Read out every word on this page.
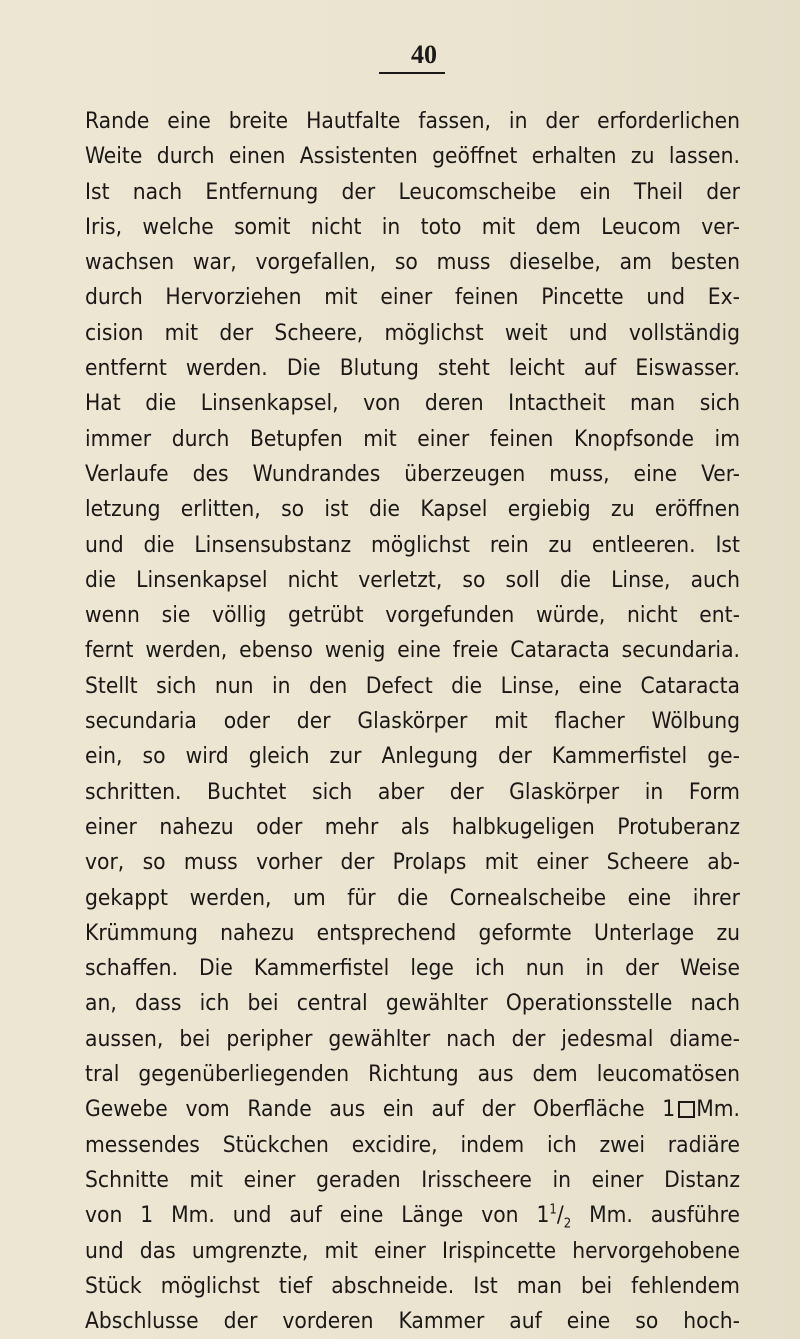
40
Rande eine breite Hautfalte fassen, in der erforderlichen
Weite durch einen Assistenten geöffnet erhalten zu lassen.
Ist nach Entfernung der Leucomscheibe ein Theil der
Iris, welche somit nicht in toto mit dem Leucom ver-
wachsen war, vorgefallen, so muss dieselbe, am besten
durch Hervorziehen mit einer feinen Pincette und Ex-
cision mit der Scheere, möglichst weit und vollständig
entfernt werden. Die Blutung steht leicht auf Eiswasser.
Hat die Linsenkapsel, von deren Intactheit man sich
immer durch Betupfen mit einer feinen Knopfsonde im
Verlaufe des Wundrandes überzeugen muss, eine Ver-
letzung erlitten, so ist die Kapsel ergiebig zu eröffnen
und die Linsensubstanz möglichst rein zu entleeren. Ist
die Linsenkapsel nicht verletzt, so soll die Linse, auch
wenn sie völlig getrübt vorgefunden würde, nicht ent-
fernt werden, ebenso wenig eine freie Cataracta secundaria.
Stellt sich nun in den Defect die Linse, eine Cataracta
secundaria oder der Glaskörper mit flacher Wölbung
ein, so wird gleich zur Anlegung der Kammerfistel ge-
schritten. Buchtet sich aber der Glaskörper in Form
einer nahezu oder mehr als halbkugeligen Protuberanz
vor, so muss vorher der Prolaps mit einer Scheere ab-
gekappt werden, um für die Cornealscheibe eine ihrer
Krümmung nahezu entsprechend geformte Unterlage zu
schaffen. Die Kammerfistel lege ich nun in der Weise
an, dass ich bei central gewählter Operationsstelle nach
aussen, bei peripher gewählter nach der jedesmal diame-
tral gegenüberliegenden Richtung aus dem leucomatösen
Gewebe vom Rande aus ein auf der Oberfläche 1 Mm.
messendes Stückchen excidire, indem ich zwei radiäre
Schnitte mit einer geraden Irisscheere in einer Distanz
von 1 Mm. und auf eine Länge von $1^1/_2$ Mm. ausführe
und das umgrenzte, mit einer Irispincette hervorgehobene
Stück möglichst tief abschneide. Ist man bei fehlendem
Abschlusse der vorderen Kammer auf eine so hoch-
